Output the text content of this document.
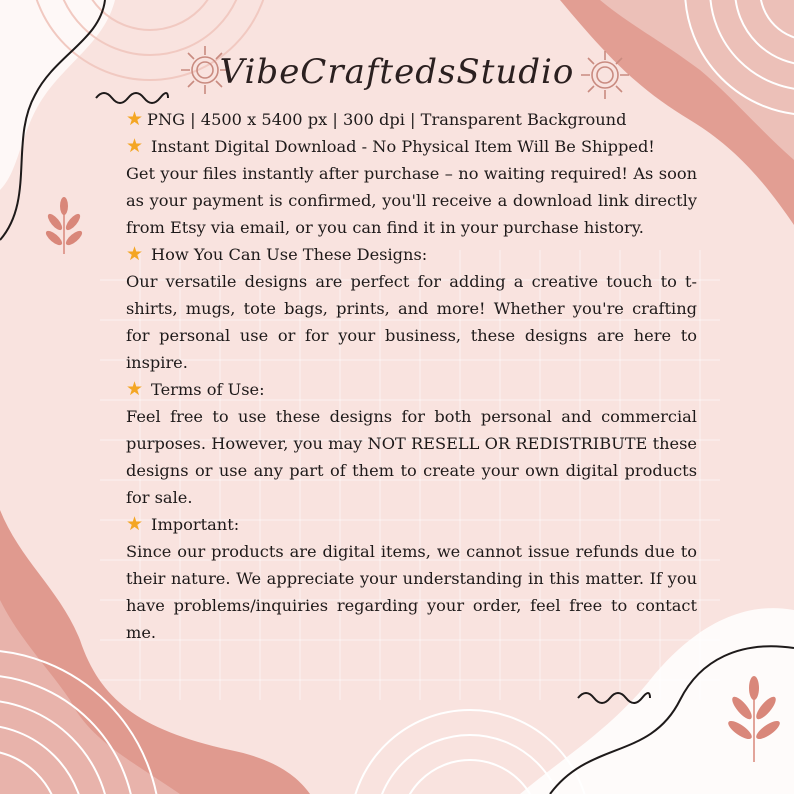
VibeCraftedsStudio
★ PNG | 4500 x 5400 px | 300 dpi | Transparent Background
★ Instant Digital Download - No Physical Item Will Be Shipped!

Get your files instantly after purchase – no waiting required! As soon as your payment is confirmed, you'll receive a download link directly from Etsy via email, or you can find it in your purchase history.

★ How You Can Use These Designs:

Our versatile designs are perfect for adding a creative touch to t-shirts, mugs, tote bags, prints, and more! Whether you're crafting for personal use or for your business, these designs are here to inspire.

★ Terms of Use:

Feel free to use these designs for both personal and commercial purposes. However, you may NOT RESELL OR REDISTRIBUTE these designs or use any part of them to create your own digital products for sale.

★ Important:

Since our products are digital items, we cannot issue refunds due to their nature. We appreciate your understanding in this matter. If you have problems/inquiries regarding your order, feel free to contact me.
